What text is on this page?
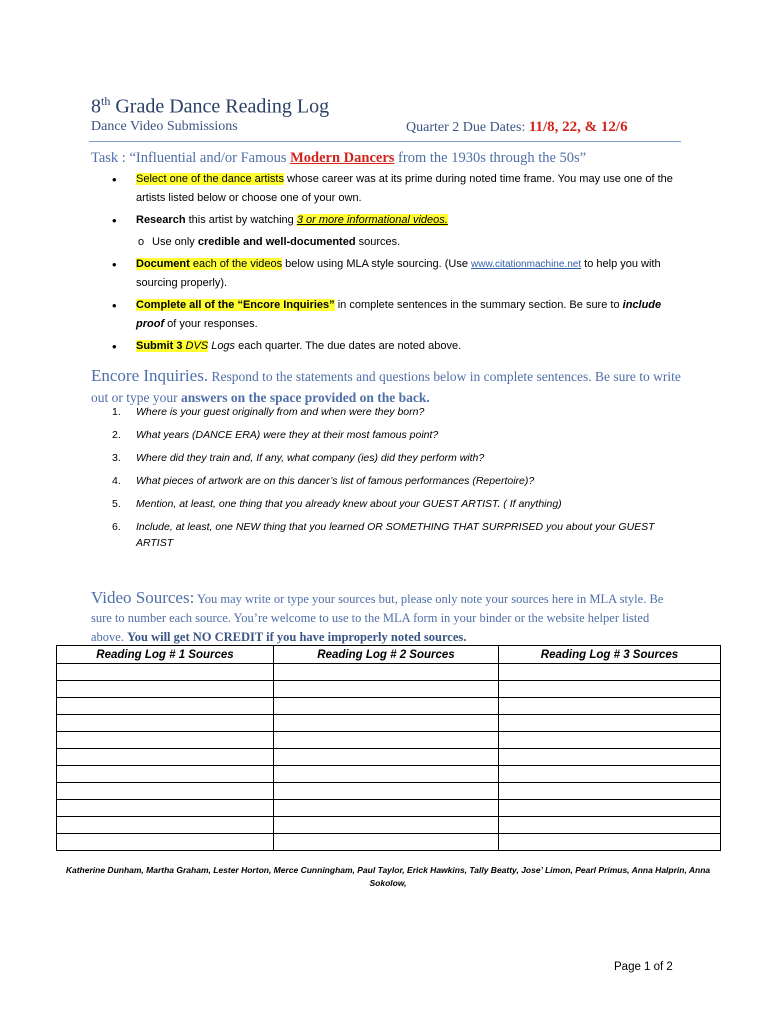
8th Grade Dance Reading Log
Dance Video Submissions	Quarter 2 Due Dates: 11/8, 22, & 12/6
Task : “Influential and/or Famous Modern Dancers from the 1930s through the 50s”
• Select one of the dance artists whose career was at its prime during noted time frame. You may use one of the artists listed below or choose one of your own.
• Research this artist by watching 3 or more informational videos.
o Use only credible and well-documented sources.
• Document each of the videos below using MLA style sourcing. (Use www.citationmachine.net to help you with sourcing properly).
• Complete all of the “Encore Inquiries” in complete sentences in the summary section. Be sure to include proof of your responses.
• Submit 3 DVS Logs each quarter. The due dates are noted above.
Encore Inquiries. Respond to the statements and questions below in complete sentences. Be sure to write out or type your answers on the space provided on the back.
1. Where is your guest originally from and when were they born?
2. What years (DANCE ERA) were they at their most famous point?
3. Where did they train and, If any, what company (ies) did they perform with?
4. What pieces of artwork are on this dancer’s list of famous performances (Repertoire)?
5. Mention, at least, one thing that you already knew about your GUEST ARTIST. ( If anything)
6. Include, at least, one NEW thing that you learned OR SOMETHING THAT SURPRISED you about your GUEST ARTIST
Video Sources: You may write or type your sources but, please only note your sources here in MLA style. Be sure to number each source. You’re welcome to use to the MLA form in your binder or the website helper listed above. You will get NO CREDIT if you have improperly noted sources.
Reading Log # 1 Sources	Reading Log # 2 Sources	Reading Log # 3 Sources

Katherine Dunham, Martha Graham, Lester Horton, Merce Cunningham, Paul Taylor, Erick Hawkins, Tally Beatty, Jose’ Limon, Pearl Primus, Anna Halprin, Anna Sokolow,
Page 1 of 2
